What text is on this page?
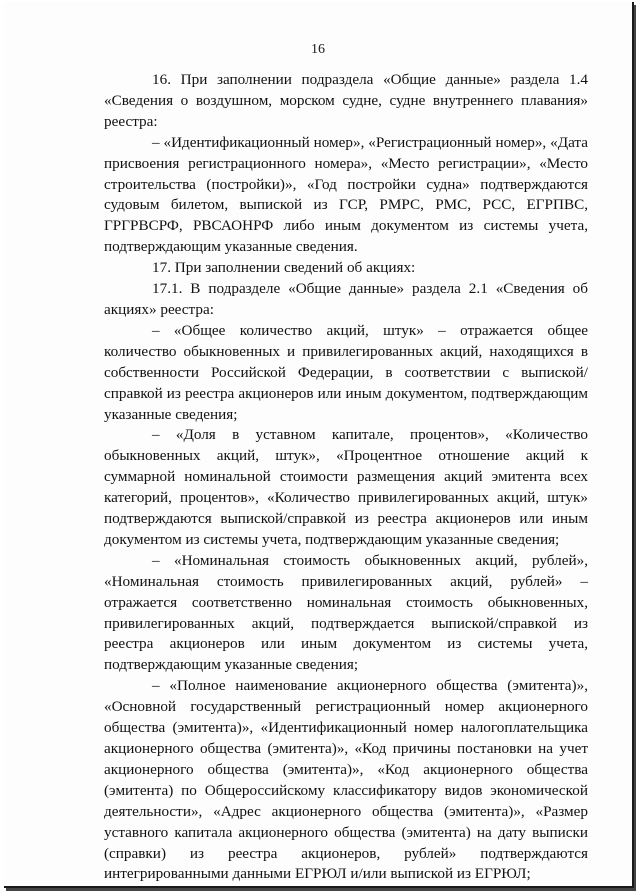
16

16. При заполнении подраздела «Общие данные» раздела 1.4 «Сведения о воздушном, морском судне, судне внутреннего плавания» реестра:

– «Идентификационный номер», «Регистрационный номер», «Дата присвоения регистрационного номера», «Место регистрации», «Место строительства (постройки)», «Год постройки судна» подтверждаются судовым билетом, выпиской из ГСР, РМРС, РМС, РСС, ЕГРПВС, ГРГРВСРФ, РВСАОНРФ либо иным документом из системы учета, подтверждающим указанные сведения.

17. При заполнении сведений об акциях:

17.1. В подразделе «Общие данные» раздела 2.1 «Сведения об акциях» реестра:

– «Общее количество акций, штук» – отражается общее количество обыкновенных и привилегированных акций, находящихся в собственности Российской Федерации, в соответствии с выпиской/справкой из реестра акционеров или иным документом, подтверждающим указанные сведения;

– «Доля в уставном капитале, процентов», «Количество обыкновенных акций, штук», «Процентное отношение акций к суммарной номинальной стоимости размещения акций эмитента всех категорий, процентов», «Количество привилегированных акций, штук» подтверждаются выпиской/справкой из реестра акционеров или иным документом из системы учета, подтверждающим указанные сведения;

– «Номинальная стоимость обыкновенных акций, рублей», «Номинальная стоимость привилегированных акций, рублей» – отражается соответственно номинальная стоимость обыкновенных, привилегированных акций, подтверждается выпиской/справкой из реестра акционеров или иным документом из системы учета, подтверждающим указанные сведения;

– «Полное наименование акционерного общества (эмитента)», «Основной государственный регистрационный номер акционерного общества (эмитента)», «Идентификационный номер налогоплательщика акционерного общества (эмитента)», «Код причины постановки на учет акционерного общества (эмитента)», «Код акционерного общества (эмитента) по Общероссийскому классификатору видов экономической деятельности», «Адрес акционерного общества (эмитента)», «Размер уставного капитала акционерного общества (эмитента) на дату выписки (справки) из реестра акционеров, рублей» подтверждаются интегрированными данными ЕГРЮЛ и/или выпиской из ЕГРЮЛ;
